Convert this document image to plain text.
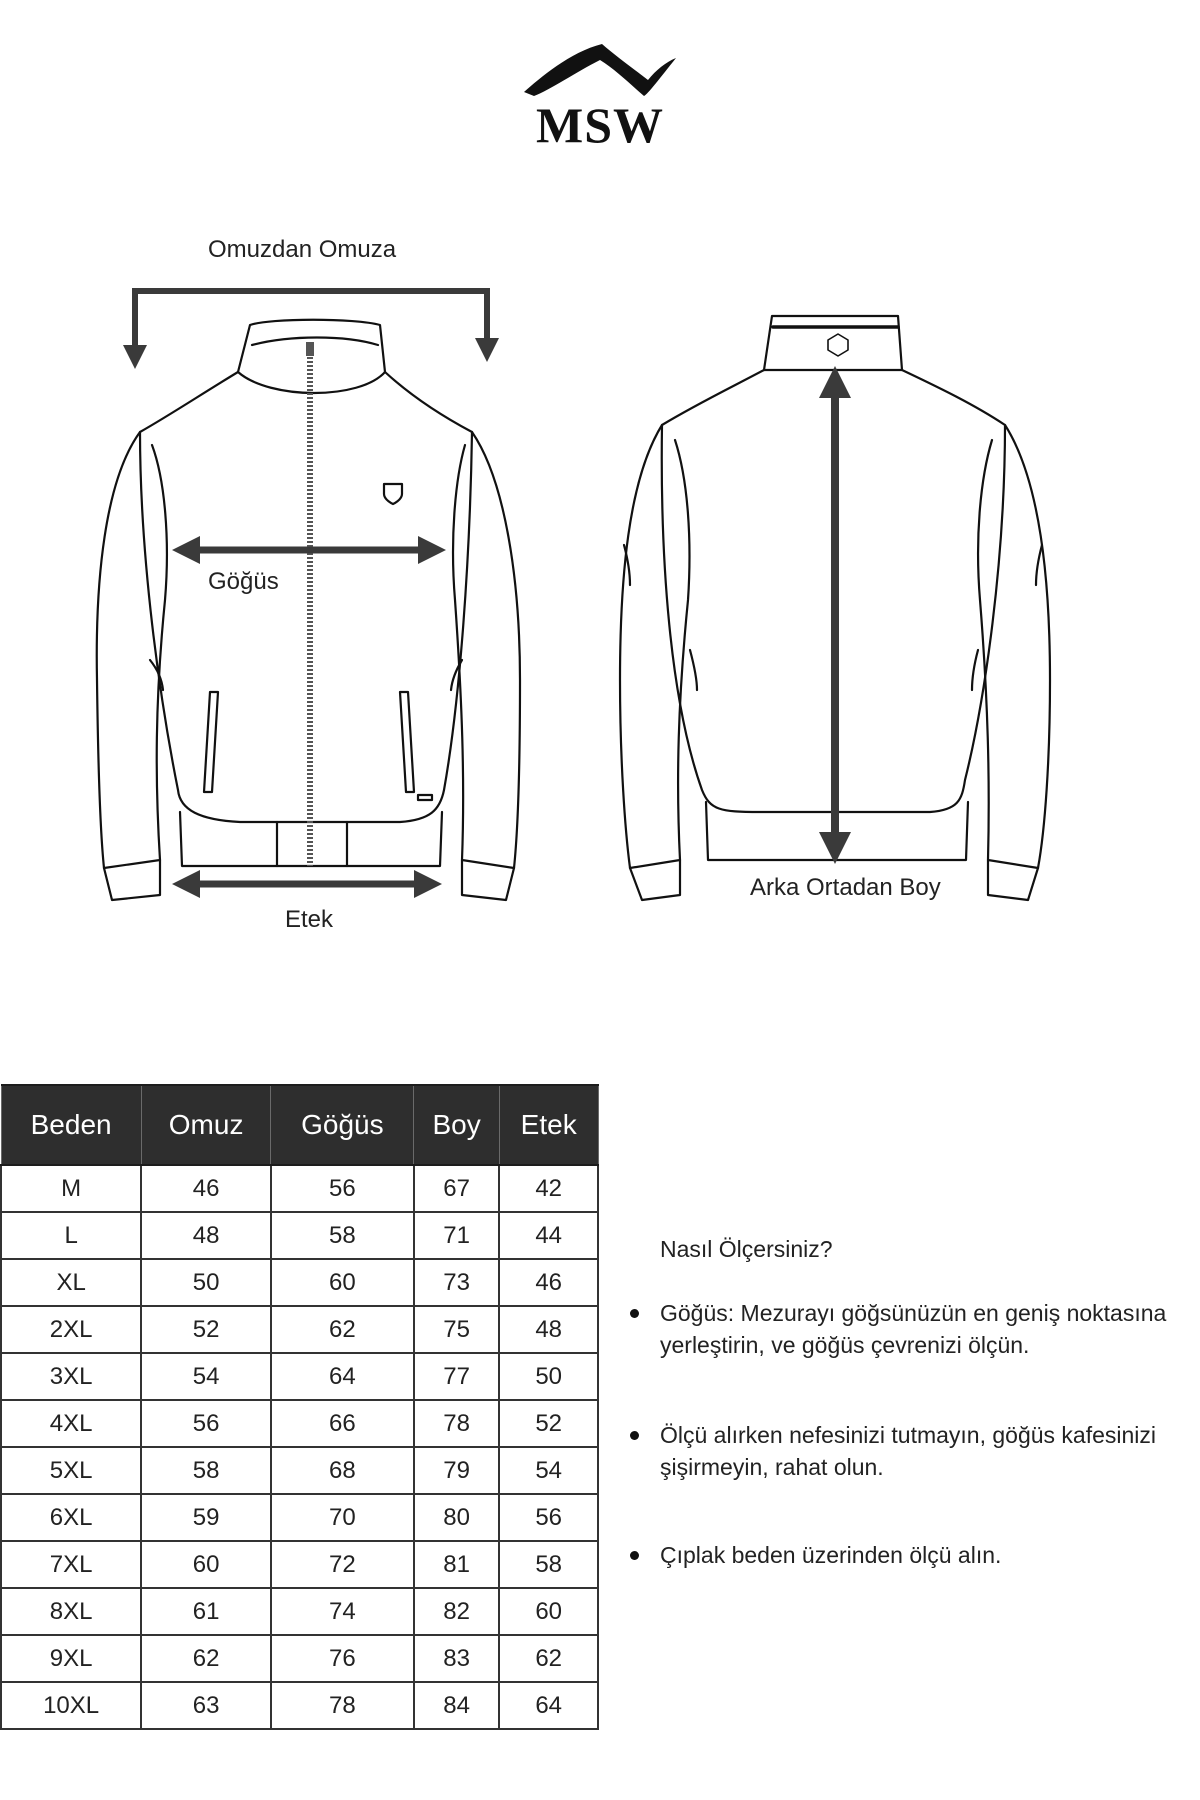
MSW
Omuzdan Omuza
Göğüs
Etek
Arka Ortadan Boy
Beden	Omuz	Göğüs	Boy	Etek
M	46	56	67	42
L	48	58	71	44
XL	50	60	73	46
2XL	52	62	75	48
3XL	54	64	77	50
4XL	56	66	78	52
5XL	58	68	79	54
6XL	59	70	80	56
7XL	60	72	81	58
8XL	61	74	82	60
9XL	62	76	83	62
10XL	63	78	84	64
Nasıl Ölçersiniz?
Göğüs: Mezurayı göğsünüzün en geniş noktasına yerleştirin, ve göğüs çevrenizi ölçün.
Ölçü alırken nefesinizi tutmayın, göğüs kafesinizi şişirmeyin, rahat olun.
Çıplak beden üzerinden ölçü alın.
